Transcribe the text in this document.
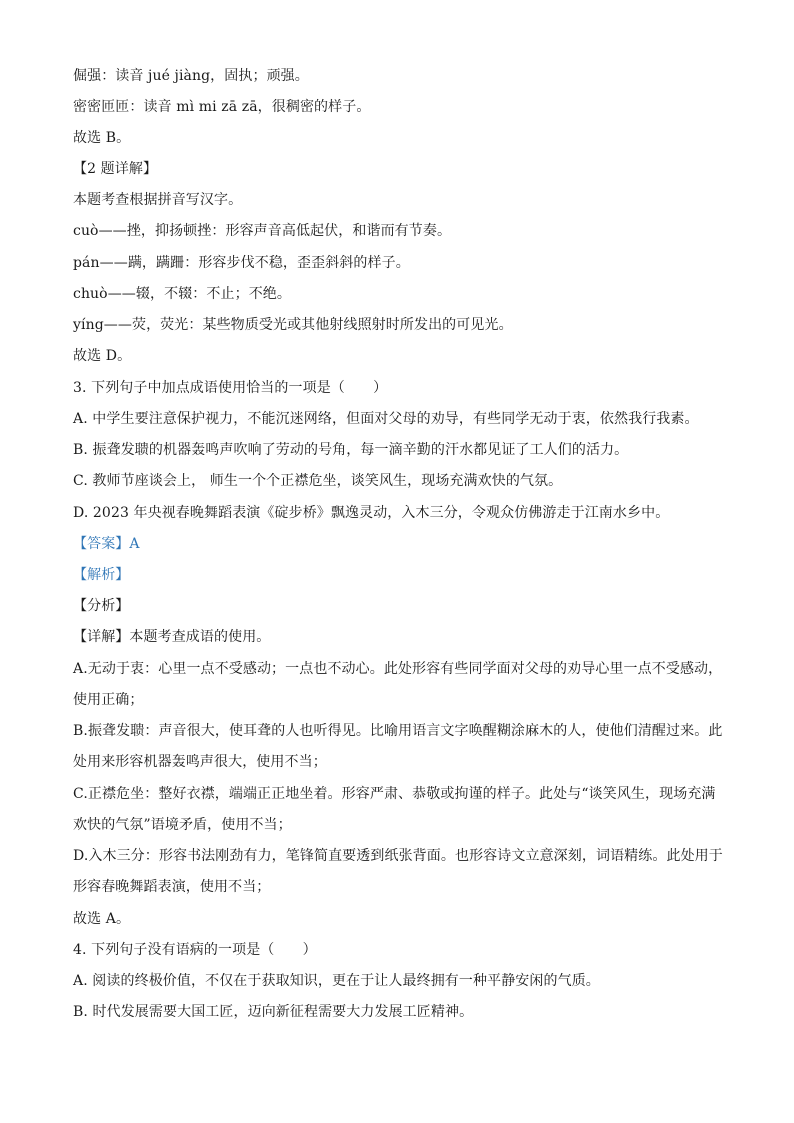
倔强：读音 jué jiàng，固执；顽强。
密密匝匝：读音 mì mi zā zā，很稠密的样子。
故选 B。
【2 题详解】
本题考查根据拼音写汉字。
cuò——挫，抑扬顿挫：形容声音高低起伏，和谐而有节奏。
pán——蹒，蹒跚：形容步伐不稳，歪歪斜斜的样子。
chuò——辍，不辍：不止；不绝。
yíng——荧，荧光：某些物质受光或其他射线照射时所发出的可见光。
故选 D。
3. 下列句子中加点成语使用恰当的一项是（　　）
A. 中学生要注意保护视力，不能沉迷网络，但面对父母的劝导，有些同学无动于衷，依然我行我素。
B. 振聋发聩的机器轰鸣声吹响了劳动的号角，每一滴辛勤的汗水都见证了工人们的活力。
C. 教师节座谈会上， 师生一个个正襟危坐，谈笑风生，现场充满欢快的气氛。
D. 2023 年央视春晚舞蹈表演《碇步桥》飘逸灵动，入木三分，令观众仿佛游走于江南水乡中。
【答案】A
【解析】
【分析】
【详解】本题考查成语的使用。
A.无动于衷：心里一点不受感动；一点也不动心。此处形容有些同学面对父母的劝导心里一点不受感动，
使用正确；
B.振聋发聩：声音很大，使耳聋的人也听得见。比喻用语言文字唤醒糊涂麻木的人，使他们清醒过来。此
处用来形容机器轰鸣声很大，使用不当；
C.正襟危坐：整好衣襟，端端正正地坐着。形容严肃、恭敬或拘谨的样子。此处与“谈笑风生，现场充满
欢快的气氛”语境矛盾，使用不当；
D.入木三分：形容书法刚劲有力，笔锋简直要透到纸张背面。也形容诗文立意深刻，词语精练。此处用于
形容春晚舞蹈表演，使用不当；
故选 A。
4. 下列句子没有语病的一项是（　　）
A. 阅读的终极价值，不仅在于获取知识，更在于让人最终拥有一种平静安闲的气质。
B. 时代发展需要大国工匠，迈向新征程需要大力发展工匠精神。
